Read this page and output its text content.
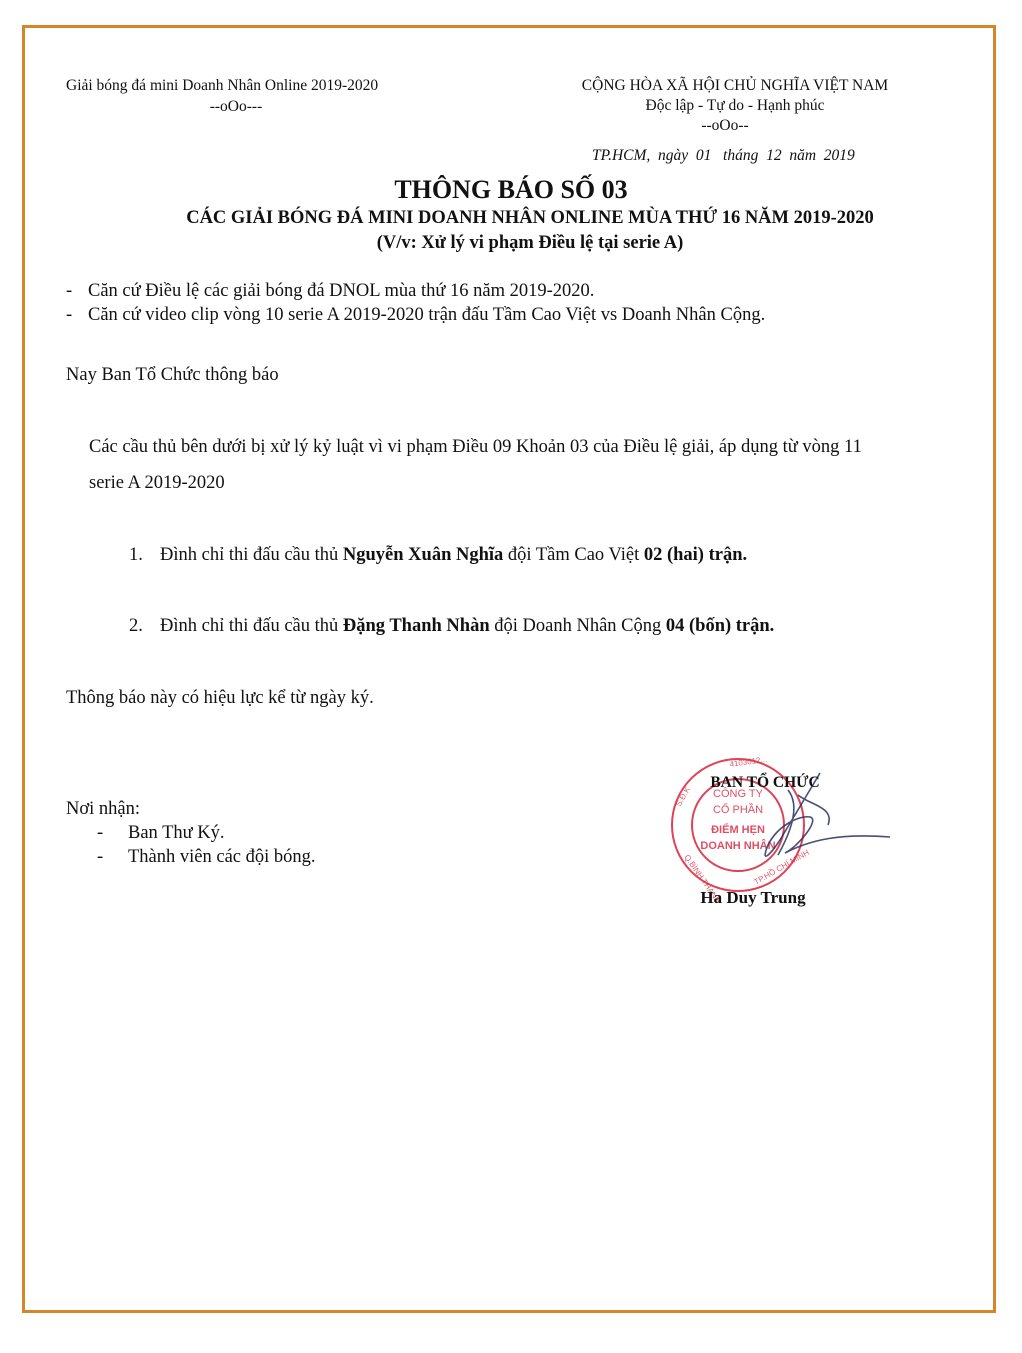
Giải bóng đá mini Doanh Nhân Online 2019-2020
--oOo---
CỘNG HÒA XÃ HỘI CHỦ NGHĨA VIỆT NAM
Độc lập - Tự do - Hạnh phúc
--oOo--
TP.HCM,  ngày  01   tháng  12  năm  2019
THÔNG BÁO SỐ 03
CÁC GIẢI BÓNG ĐÁ MINI DOANH NHÂN ONLINE MÙA THỨ 16 NĂM 2019-2020
(V/v: Xử lý vi phạm Điều lệ tại serie A)
- Căn cứ Điều lệ các giải bóng đá DNOL mùa thứ 16 năm 2019-2020.
- Căn cứ video clip vòng 10 serie A 2019-2020 trận đấu Tầm Cao Việt vs Doanh Nhân Cộng.
Nay Ban Tổ Chức thông báo
Các cầu thủ bên dưới bị xử lý kỷ luật vì vi phạm Điều 09 Khoản 03 của Điều lệ giải, áp dụng từ vòng 11
serie A 2019-2020
1. Đình chỉ thi đấu cầu thủ Nguyễn Xuân Nghĩa đội Tầm Cao Việt 02 (hai) trận.
2. Đình chỉ thi đấu cầu thủ Đặng Thanh Nhàn đội Doanh Nhân Cộng 04 (bốn) trận.
Thông báo này có hiệu lực kể từ ngày ký.
Nơi nhận:
- Ban Thư Ký.
- Thành viên các đội bóng.
CÔNG TY
CỔ PHẦN
ĐIỂM HẸN
DOANH NHÂN
S.Đ.K
4103012...
Q.BÌNH THẠNH	TP.HỒ CHÍ MINH
BAN TỔ CHỨC
Ha Duy Trung
